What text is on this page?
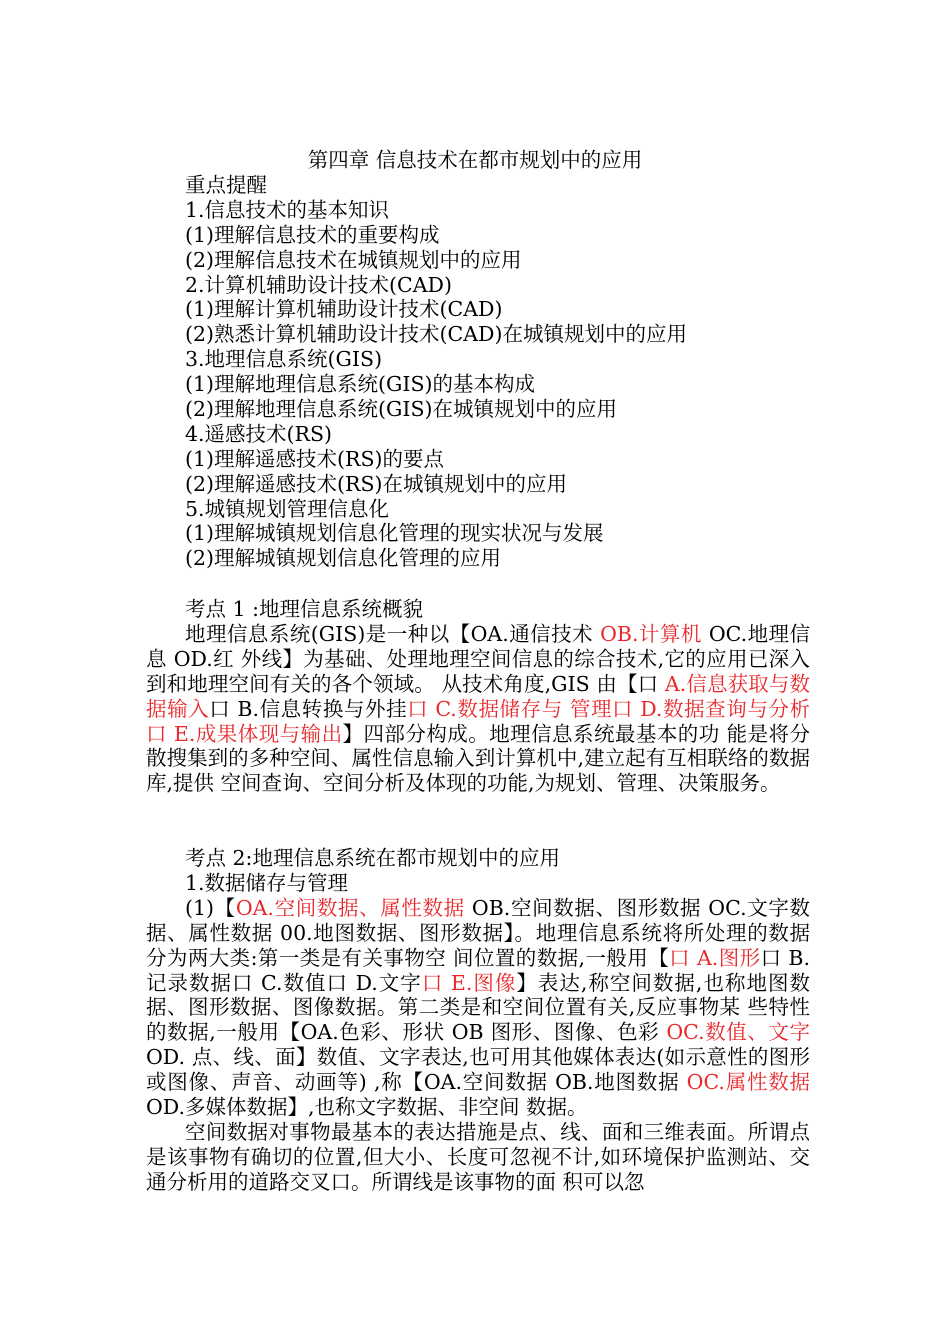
第四章 信息技术在都市规划中的应用
重点提醒
1.信息技术的基本知识
(1)理解信息技术的重要构成
(2)理解信息技术在城镇规划中的应用
2.计算机辅助设计技术(CAD)
(1)理解计算机辅助设计技术(CAD)
(2)熟悉计算机辅助设计技术(CAD)在城镇规划中的应用
3.地理信息系统(GIS)
(1)理解地理信息系统(GIS)的基本构成
(2)理解地理信息系统(GIS)在城镇规划中的应用
4.遥感技术(RS)
(1)理解遥感技术(RS)的要点
(2)理解遥感技术(RS)在城镇规划中的应用
5.城镇规划管理信息化
(1)理解城镇规划信息化管理的现实状况与发展
(2)理解城镇规划信息化管理的应用

考点 1 :地理信息系统概貌

地理信息系统(GIS)是一种以【OA.通信技术 OB.计算机 OC.地理信息 OD.红 外线】为基础、处理地理空间信息的综合技术,它的应用已深入到和地理空间有关的各个领域。 从技术角度,GIS 由【口 A.信息获取与数据输入口 B.信息转换与外挂口 C.数据储存与 管理口 D.数据查询与分析口 E.成果体现与输出】四部分构成。地理信息系统最基本的功 能是将分散搜集到的多种空间、属性信息输入到计算机中,建立起有互相联络的数据库,提供 空间查询、空间分析及体现的功能,为规划、管理、决策服务。

考点 2:地理信息系统在都市规划中的应用

1.数据储存与管理

(1)【OA.空间数据、属性数据 OB.空间数据、图形数据 OC.文字数据、属性数据 00.地图数据、图形数据】。地理信息系统将所处理的数据分为两大类:第一类是有关事物空 间位置的数据,一般用【口 A.图形口 B.记录数据口 C.数值口 D.文字口 E.图像】表达,称空间数据,也称地图数据、图形数据、图像数据。第二类是和空间位置有关,反应事物某 些特性的数据,一般用【OA.色彩、形状 OB 图形、图像、色彩 OC.数值、文字 OD. 点、线、面】数值、文字表达,也可用其他媒体表达(如示意性的图形或图像、声音、动画等) ,称【OA.空间数据 OB.地图数据 OC.属性数据 OD.多媒体数据】,也称文字数据、非空间 数据。

空间数据对事物最基本的表达措施是点、线、面和三维表面。所谓点是该事物有确切的位置,但大小、长度可忽视不计,如环境保护监测站、交通分析用的道路交叉口。所谓线是该事物的面 积可以忽
